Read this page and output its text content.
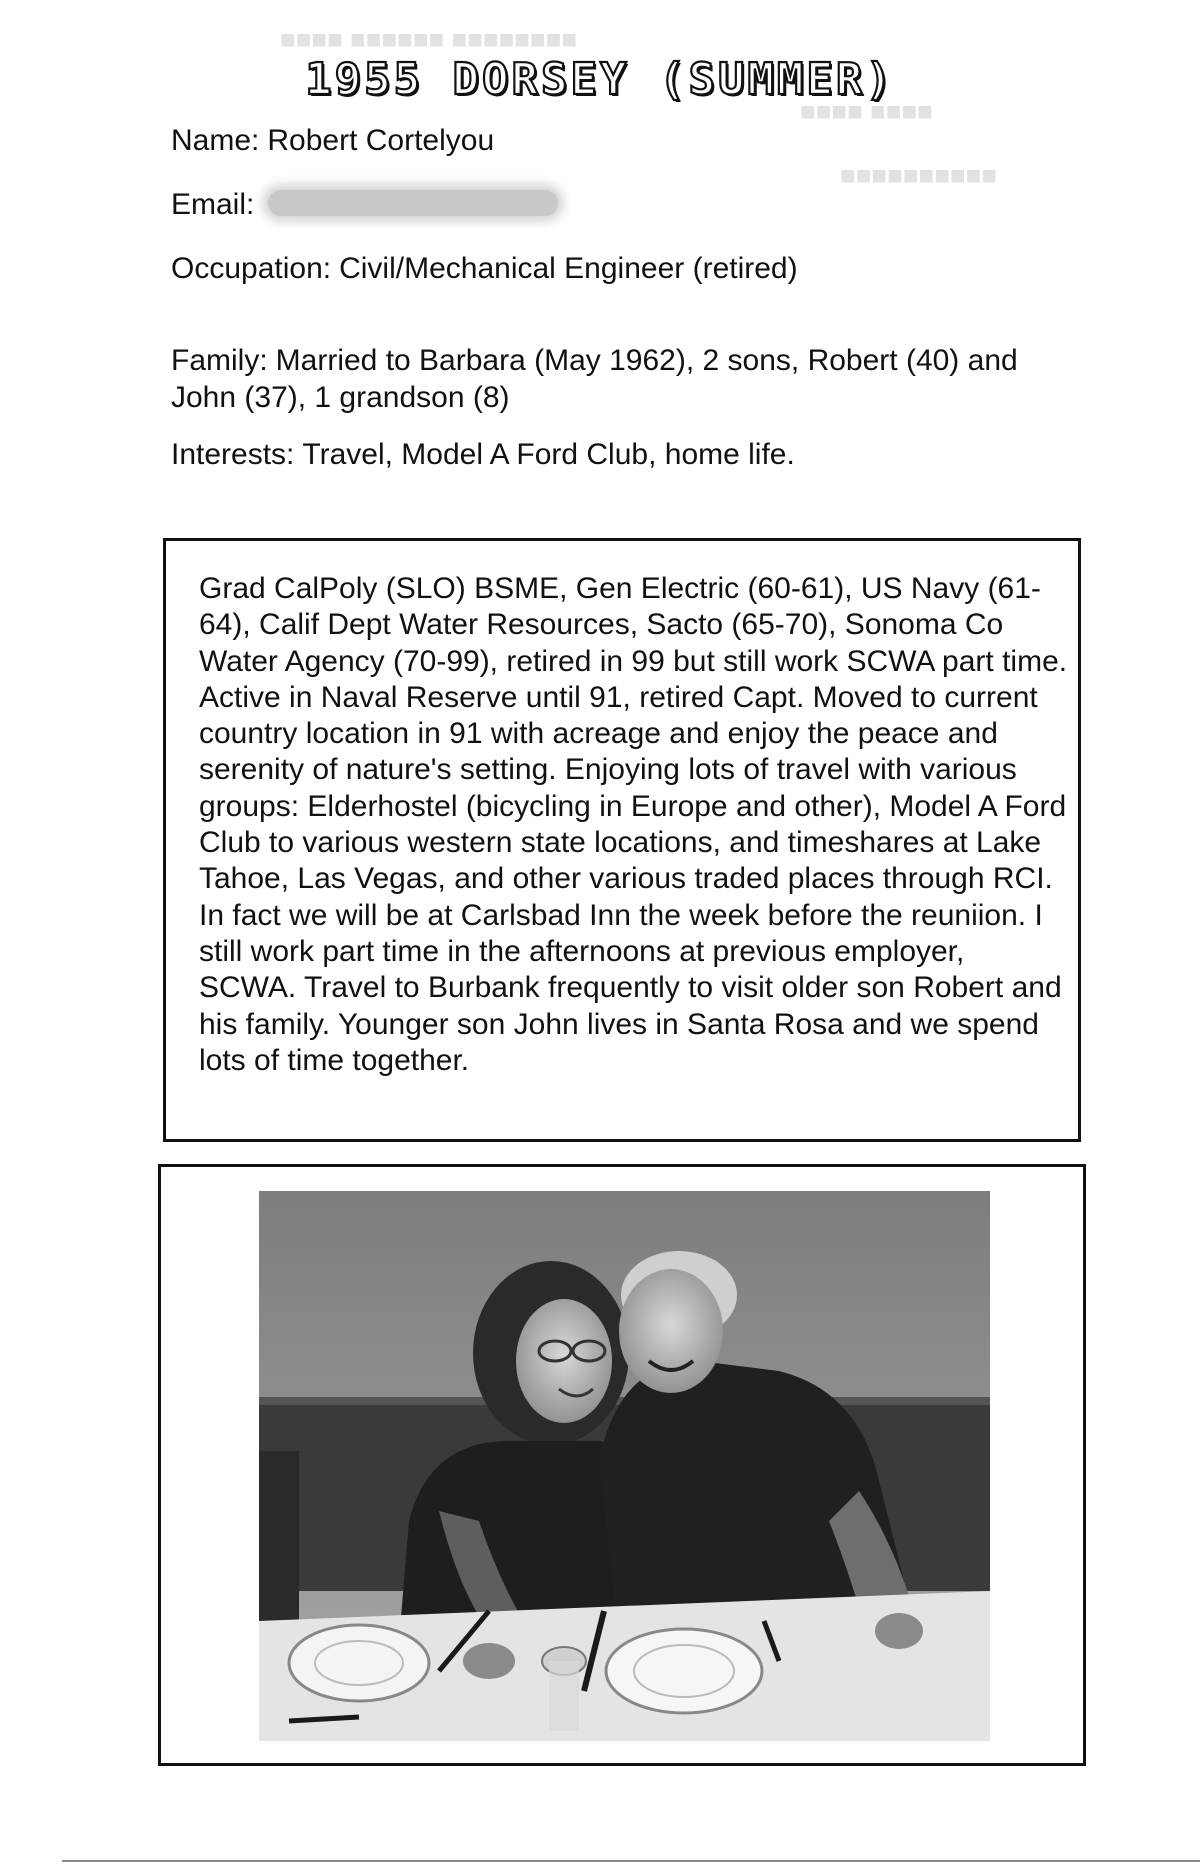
■■■■ ■■■■■■ ■■■■■■■■
■■■■ ■■■■
■■■■■■■■■■
1955 DORSEY (SUMMER)
Name: Robert Cortelyou
Email:
Occupation: Civil/Mechanical Engineer (retired)
Family: Married to Barbara (May 1962), 2 sons, Robert (40) and John (37), 1 grandson (8)
Interests: Travel, Model A Ford Club, home life.
Grad CalPoly (SLO) BSME, Gen Electric (60-61), US Navy (61-64), Calif Dept Water Resources, Sacto (65-70), Sonoma Co Water Agency (70-99), retired in 99 but still work SCWA part time. Active in Naval Reserve until 91, retired Capt. Moved to current country location in 91 with acreage and enjoy the peace and serenity of nature's setting. Enjoying lots of travel with various groups: Elderhostel (bicycling in Europe and other), Model A Ford Club to various western state locations, and timeshares at Lake Tahoe, Las Vegas, and other various traded places through RCI. In fact we will be at Carlsbad Inn the week before the reuniion. I still work part time in the afternoons at previous employer, SCWA. Travel to Burbank frequently to visit older son Robert and his family. Younger son John lives in Santa Rosa and we spend lots of time together.
